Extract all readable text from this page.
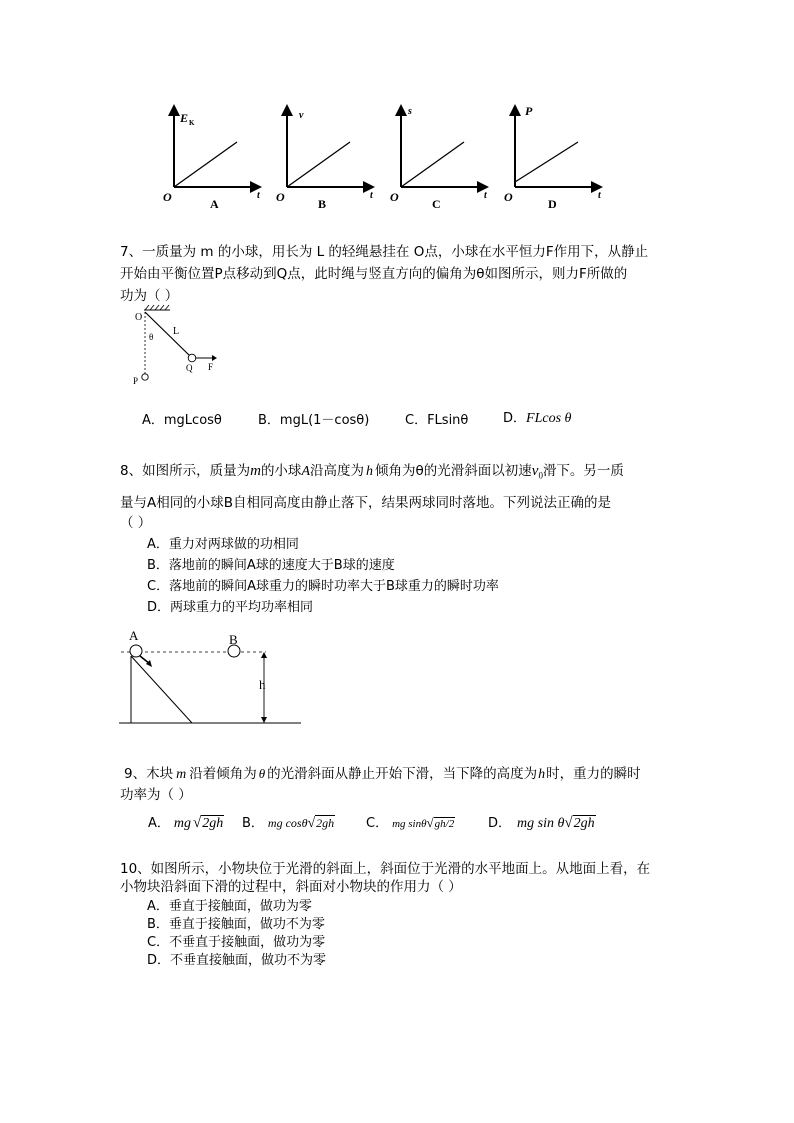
E K
O	t
A
v
O	t
B
s
O	t
C
P
O	t
D
7、一质量为 m 的小球，用长为 L 的轻绳悬挂在 O点，小球在水平恒力F作用下，从静止
开始由平衡位置P点移动到Q点，此时绳与竖直方向的偏角为θ如图所示，则力F所做的
功为（ ）
O
L
θ
Q F
P
A．mgLcosθ	B．mgL(1－cosθ)	C．FLsinθ	D．FLcos θ
8、如图所示，质量为m的小球A沿高度为 h 倾角为θ的光滑斜面以初速$v_0$滑下。另一质
量与A相同的小球B自相同高度由静止落下，结果两球同时落地。下列说法正确的是
（ ）
A．重力对两球做的功相同
B．落地前的瞬间A球的速度大于B球的速度
C．落地前的瞬间A球重力的瞬时功率大于B球重力的瞬时功率
D．两球重力的平均功率相同
A	B
h
9、木块 m 沿着倾角为 θ 的光滑斜面从静止开始下滑，当下降的高度为h时，重力的瞬时
功率为（ ）
A． mg √2gh B． mg cosθ√2gh C． mg sinθ√gh/2	D． mg sin θ√2gh
10、如图所示，小物块位于光滑的斜面上，斜面位于光滑的水平地面上。从地面上看，在
小物块沿斜面下滑的过程中，斜面对小物块的作用力（ ）
A．垂直于接触面，做功为零
B．垂直于接触面，做功不为零
C．不垂直于接触面，做功为零
D．不垂直接触面，做功不为零
